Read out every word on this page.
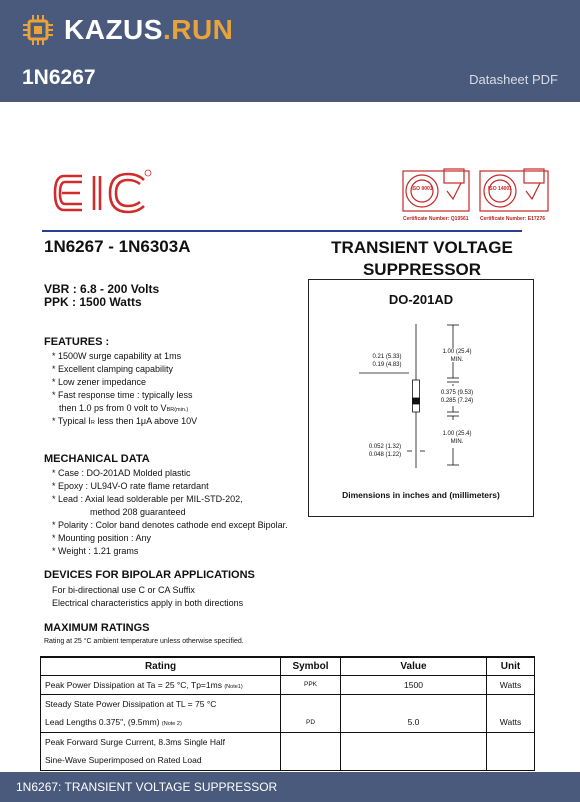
KAZUS.RUN
1N6267	Datasheet PDF
ISO 9001	ISO 14001
Certificate Number: Q10561 Certificate Number: E17276
1N6267 - 1N6303A	TRANSIENT VOLTAGE
SUPPRESSOR
VBR : 6.8 - 200 Volts
PPK : 1500 Watts	DO-201AD
1.00 (25.4)
MIN.
0.21 (5.33)
0.19 (4.83)
0.375 (9.53)
0.285 (7.24)
1.00 (25.4)
MIN.
0.052 (1.32)
0.048 (1.22)
Dimensions in inches and (millimeters)
FEATURES :
* 1500W surge capability at 1ms
* Excellent clamping capability
* Low zener impedance
* Fast response time : typically less
then 1.0 ps from 0 volt to VBR(min.)
* Typical IR less then 1μA above 10V
MECHANICAL DATA
* Case : DO-201AD Molded plastic
* Epoxy : UL94V-O rate flame retardant
* Lead : Axial lead solderable per MIL-STD-202,
method 208 guaranteed
* Polarity : Color band denotes cathode end except Bipolar.
* Mounting position : Any
* Weight : 1.21 grams
DEVICES FOR BIPOLAR APPLICATIONS
For bi-directional use C or CA Suffix
Electrical characteristics apply in both directions
MAXIMUM RATINGS
Rating at 25 °C ambient temperature unless otherwise specified.
Rating	Symbol	Value	Unit
Peak Power Dissipation at Ta = 25 °C, Tp=1ms (Note1)	PPK	1500	Watts
Steady State Power Dissipation at TL = 75 °C			
Lead Lengths 0.375", (9.5mm) (Note 2)	PD	5.0	Watts
Peak Forward Surge Current, 8.3ms Single Half			
Sine-Wave Superimposed on Rated Load			
1N6267: TRANSIENT VOLTAGE SUPPRESSOR
